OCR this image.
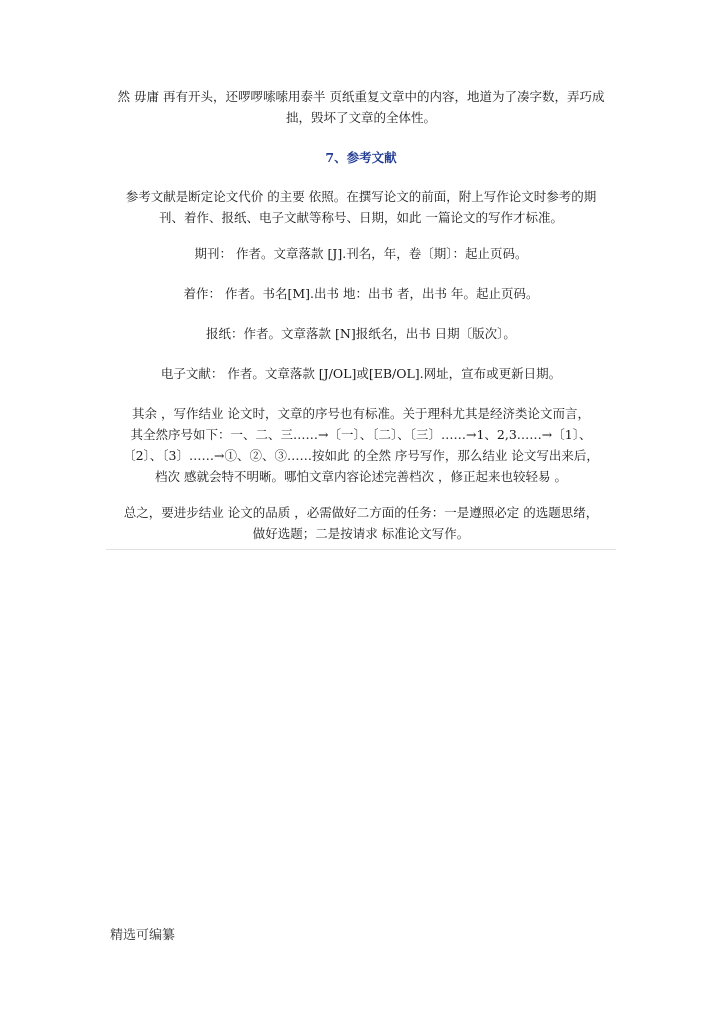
然 毋庸 再有开头，还啰啰嗦嗦用泰半 页纸重复文章中的内容，地道为了凑字数，弄巧成
拙，毁坏了文章的全体性。

7、参考文献

参考文献是断定论文代价 的主要 依照。在撰写论文的前面，附上写作论文时参考的期
刊、着作、报纸、电子文献等称号、日期，如此 一篇论文的写作才标准。

期刊： 作者。文章落款 [J].刊名，年，卷〔期〕：起止页码。

着作： 作者。书名[M].出书 地：出书 者，出书 年。起止页码。

报纸：作者。文章落款 [N]报纸名，出书 日期〔版次〕。

电子文献： 作者。文章落款 [J/OL]或[EB/OL].网址，宣布或更新日期。

其余 ，写作结业 论文时，文章的序号也有标准。关于理科尤其是经济类论文而言，
其全然序号如下：一、二、三……→〔一〕、〔二〕、〔三〕……→1、2,3……→〔1〕、
〔2〕、〔3〕……→①、②、③……按如此 的全然 序号写作，那么结业 论文写出来后，
档次 感就会特不明晰。哪怕文章内容论述完善档次 ，修正起来也较轻易 。

总之，要进步结业 论文的品质 ，必需做好二方面的任务：一是遵照必定 的选题思绪，
做好选题；二是按请求 标准论文写作。

精选可编纂
